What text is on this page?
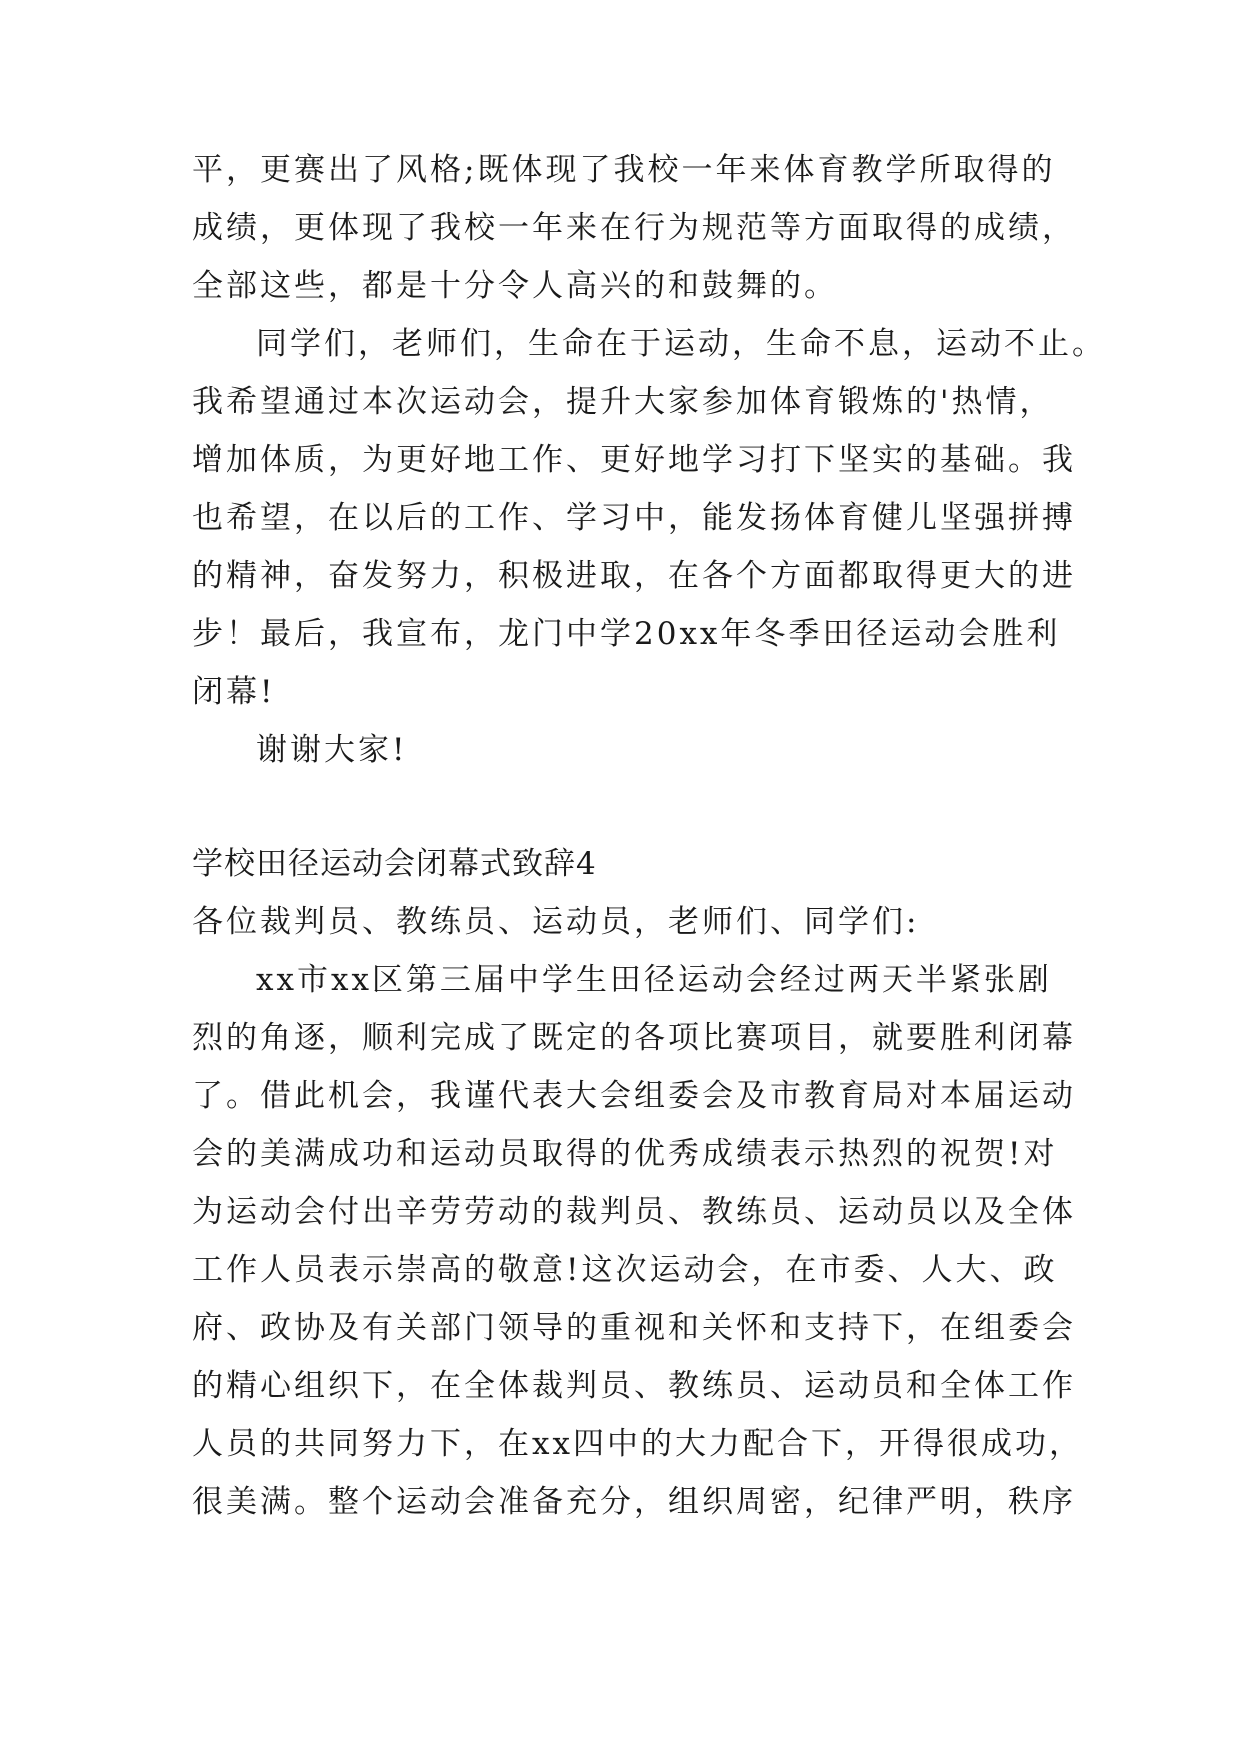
平，更赛出了风格;既体现了我校一年来体育教学所取得的
成绩，更体现了我校一年来在行为规范等方面取得的成绩，
全部这些，都是十分令人高兴的和鼓舞的。
同学们，老师们，生命在于运动，生命不息，运动不止。
我希望通过本次运动会，提升大家参加体育锻炼的'热情，
增加体质，为更好地工作、更好地学习打下坚实的基础。我
也希望，在以后的工作、学习中，能发扬体育健儿坚强拼搏
的精神，奋发努力，积极进取，在各个方面都取得更大的进
步！最后，我宣布，龙门中学20xx年冬季田径运动会胜利
闭幕!
谢谢大家!
学校田径运动会闭幕式致辞4
各位裁判员、教练员、运动员，老师们、同学们:
xx市xx区第三届中学生田径运动会经过两天半紧张剧
烈的角逐，顺利完成了既定的各项比赛项目，就要胜利闭幕
了。借此机会，我谨代表大会组委会及市教育局对本届运动
会的美满成功和运动员取得的优秀成绩表示热烈的祝贺!对
为运动会付出辛劳劳动的裁判员、教练员、运动员以及全体
工作人员表示崇高的敬意!这次运动会，在市委、人大、政
府、政协及有关部门领导的重视和关怀和支持下，在组委会
的精心组织下，在全体裁判员、教练员、运动员和全体工作
人员的共同努力下，在xx四中的大力配合下，开得很成功，
很美满。整个运动会准备充分，组织周密，纪律严明，秩序
